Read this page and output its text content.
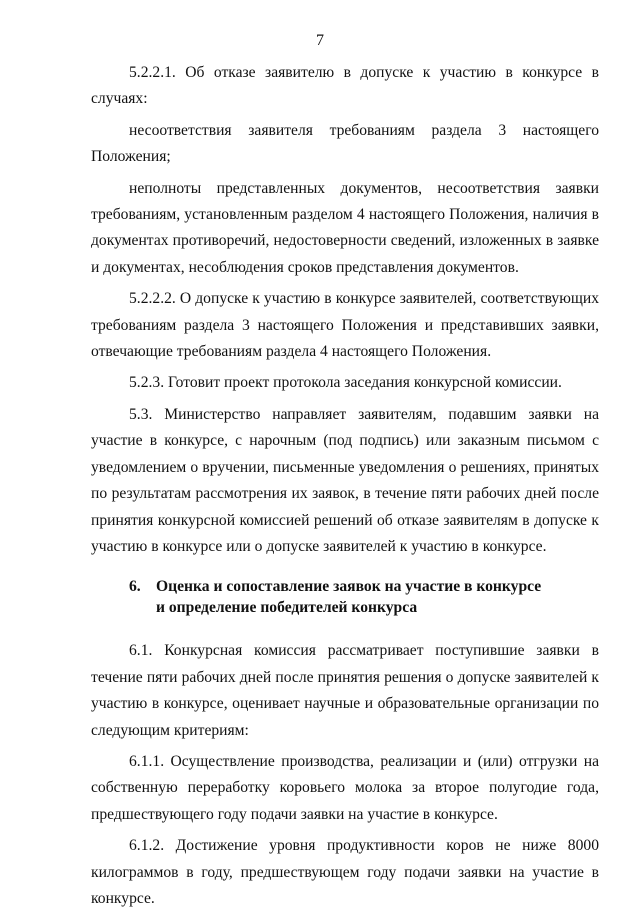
7

5.2.2.1. Об отказе заявителю в допуске к участию в конкурсе в случаях:

несоответствия заявителя требованиям раздела 3 настоящего Положения;

неполноты представленных документов, несоответствия заявки требованиям, установленным разделом 4 настоящего Положения, наличия в документах противоречий, недостоверности сведений, изложенных в заявке и документах, несоблюдения сроков представления документов.

5.2.2.2. О допуске к участию в конкурсе заявителей, соответствующих требованиям раздела 3 настоящего Положения и представивших заявки, отвечающие требованиям раздела 4 настоящего Положения.

5.2.3. Готовит проект протокола заседания конкурсной комиссии.

5.3. Министерство направляет заявителям, подавшим заявки на участие в конкурсе, с нарочным (под подпись) или заказным письмом с уведомлением о вручении, письменные уведомления о решениях, принятых по результатам рассмотрения их заявок, в течение пяти рабочих дней после принятия конкурсной комиссией решений об отказе заявителям в допуске к участию в конкурсе или о допуске заявителей к участию в конкурсе.

6. Оценка и сопоставление заявок на участие в конкурсе
и определение победителей конкурса

6.1. Конкурсная комиссия рассматривает поступившие заявки в течение пяти рабочих дней после принятия решения о допуске заявителей к участию в конкурсе, оценивает научные и образовательные организации по следующим критериям:

6.1.1. Осуществление производства, реализации и (или) отгрузки на собственную переработку коровьего молока за второе полугодие года, предшествующего году подачи заявки на участие в конкурсе.

6.1.2. Достижение уровня продуктивности коров не ниже 8000 килограммов в году, предшествующем году подачи заявки на участие в конкурсе.
